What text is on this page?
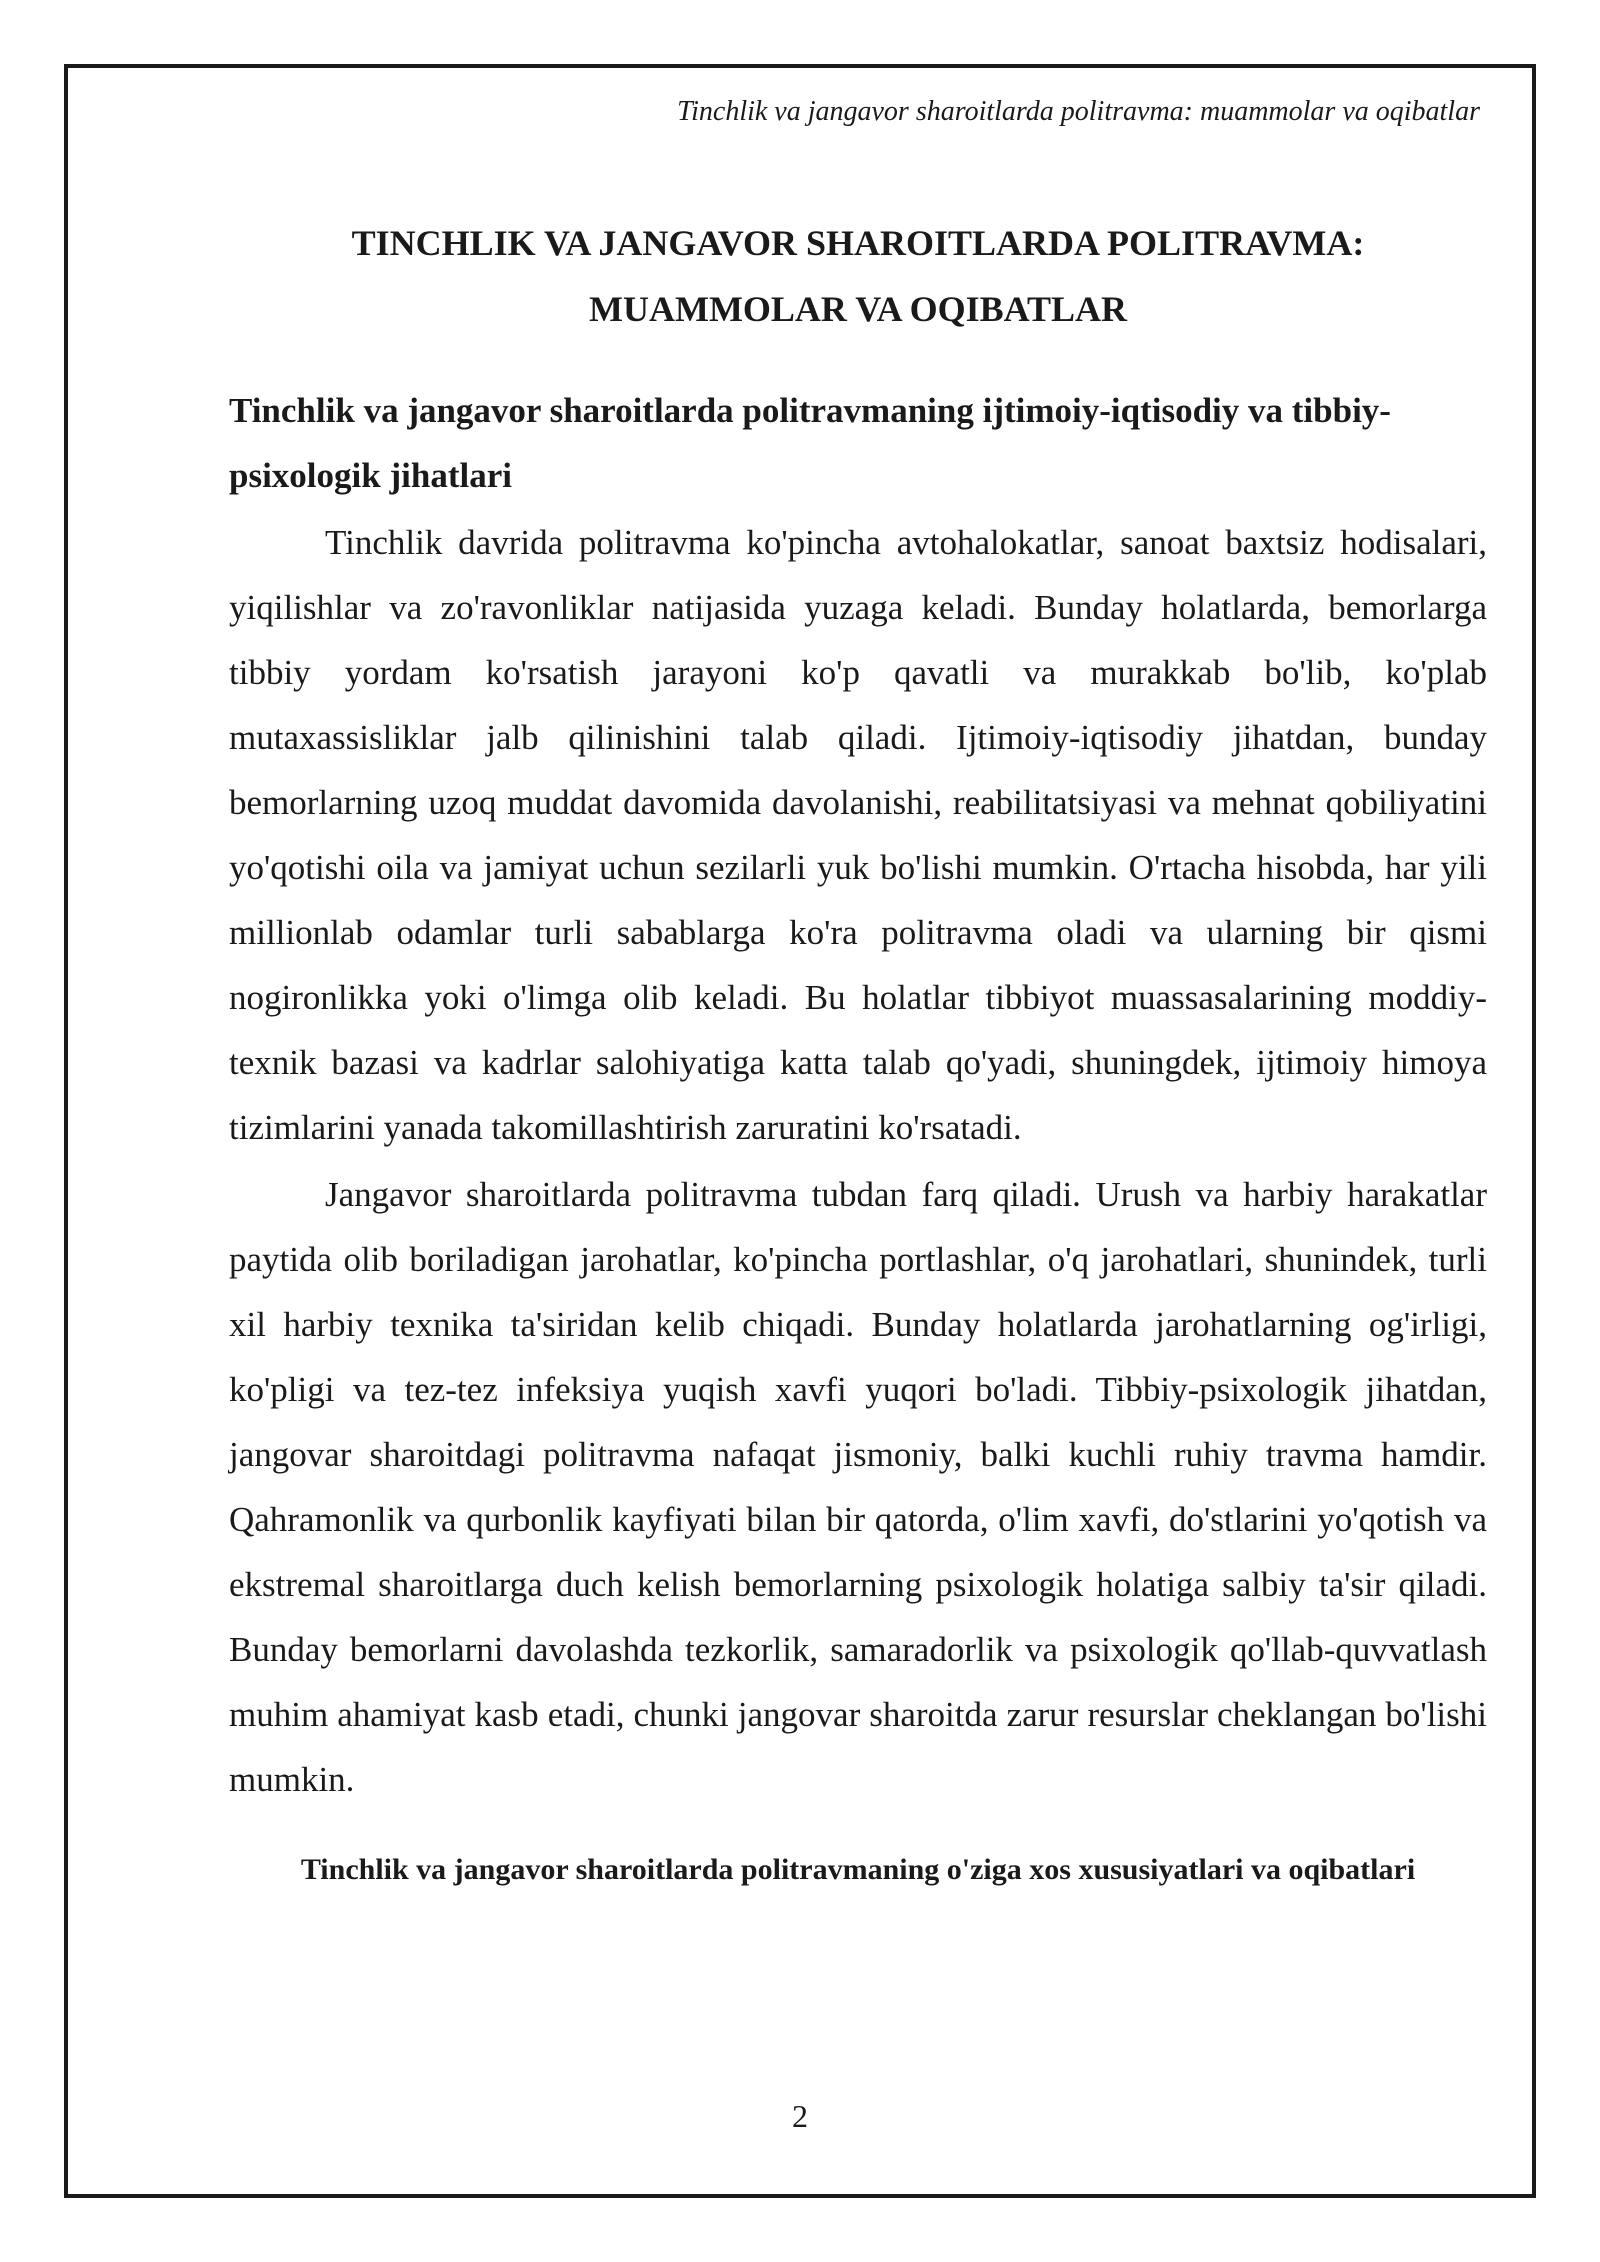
Tinchlik va jangavor sharoitlarda politravma: muammolar va oqibatlar
TINCHLIK VA JANGAVOR SHAROITLARDA POLITRAVMA:
MUAMMOLAR VA OQIBATLAR
Tinchlik va jangavor sharoitlarda politravmaning ijtimoiy-iqtisodiy va tibbiy-psixologik jihatlari

Tinchlik davrida politravma ko'pincha avtohalokatlar, sanoat baxtsiz hodisalari, yiqilishlar va zo'ravonliklar natijasida yuzaga keladi. Bunday holatlarda, bemorlarga tibbiy yordam ko'rsatish jarayoni ko'p qavatli va murakkab bo'lib, ko'plab mutaxassisliklar jalb qilinishini talab qiladi. Ijtimoiy-iqtisodiy jihatdan, bunday bemorlarning uzoq muddat davomida davolanishi, reabilitatsiyasi va mehnat qobiliyatini yo'qotishi oila va jamiyat uchun sezilarli yuk bo'lishi mumkin. O'rtacha hisobda, har yili millionlab odamlar turli sabablarga ko'ra politravma oladi va ularning bir qismi nogironlikka yoki o'limga olib keladi. Bu holatlar tibbiyot muassasalarining moddiy-texnik bazasi va kadrlar salohiyatiga katta talab qo'yadi, shuningdek, ijtimoiy himoya tizimlarini yanada takomillashtirish zaruratini ko'rsatadi.

Jangavor sharoitlarda politravma tubdan farq qiladi. Urush va harbiy harakatlar paytida olib boriladigan jarohatlar, ko'pincha portlashlar, o'q jarohatlari, shunindek, turli xil harbiy texnika ta'siridan kelib chiqadi. Bunday holatlarda jarohatlarning og'irligi, ko'pligi va tez-tez infeksiya yuqish xavfi yuqori bo'ladi. Tibbiy-psixologik jihatdan, jangovar sharoitdagi politravma nafaqat jismoniy, balki kuchli ruhiy travma hamdir. Qahramonlik va qurbonlik kayfiyati bilan bir qatorda, o'lim xavfi, do'stlarini yo'qotish va ekstremal sharoitlarga duch kelish bemorlarning psixologik holatiga salbiy ta'sir qiladi. Bunday bemorlarni davolashda tezkorlik, samaradorlik va psixologik qo'llab-quvvatlash muhim ahamiyat kasb etadi, chunki jangovar sharoitda zarur resurslar cheklangan bo'lishi mumkin.

Tinchlik va jangavor sharoitlarda politravmaning o'ziga xos xususiyatlari va oqibatlari
2
